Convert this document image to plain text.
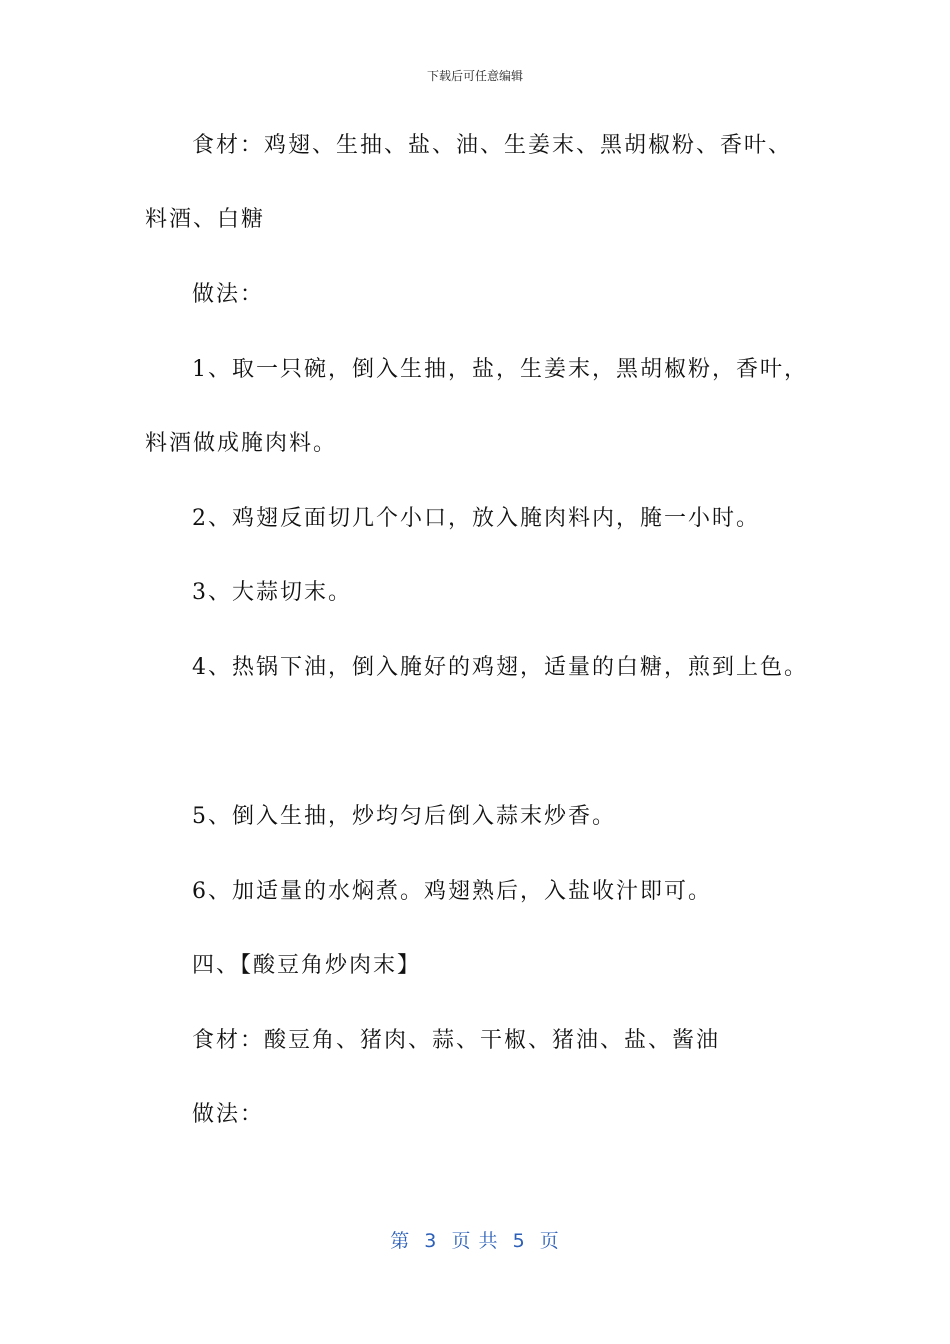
下载后可任意编辑
食材：鸡翅、生抽、盐、油、生姜末、黑胡椒粉、香叶、
料酒、白糖
做法：
1、取一只碗，倒入生抽，盐，生姜末，黑胡椒粉，香叶，
料酒做成腌肉料。
2、鸡翅反面切几个小口，放入腌肉料内，腌一小时。
3、大蒜切末。
4、热锅下油，倒入腌好的鸡翅，适量的白糖，煎到上色。
5、倒入生抽，炒均匀后倒入蒜末炒香。
6、加适量的水焖煮。鸡翅熟后，入盐收汁即可。
四、【酸豆角炒肉末】
食材：酸豆角、猪肉、蒜、干椒、猪油、盐、酱油
做法：
第  3  页 共  5  页
